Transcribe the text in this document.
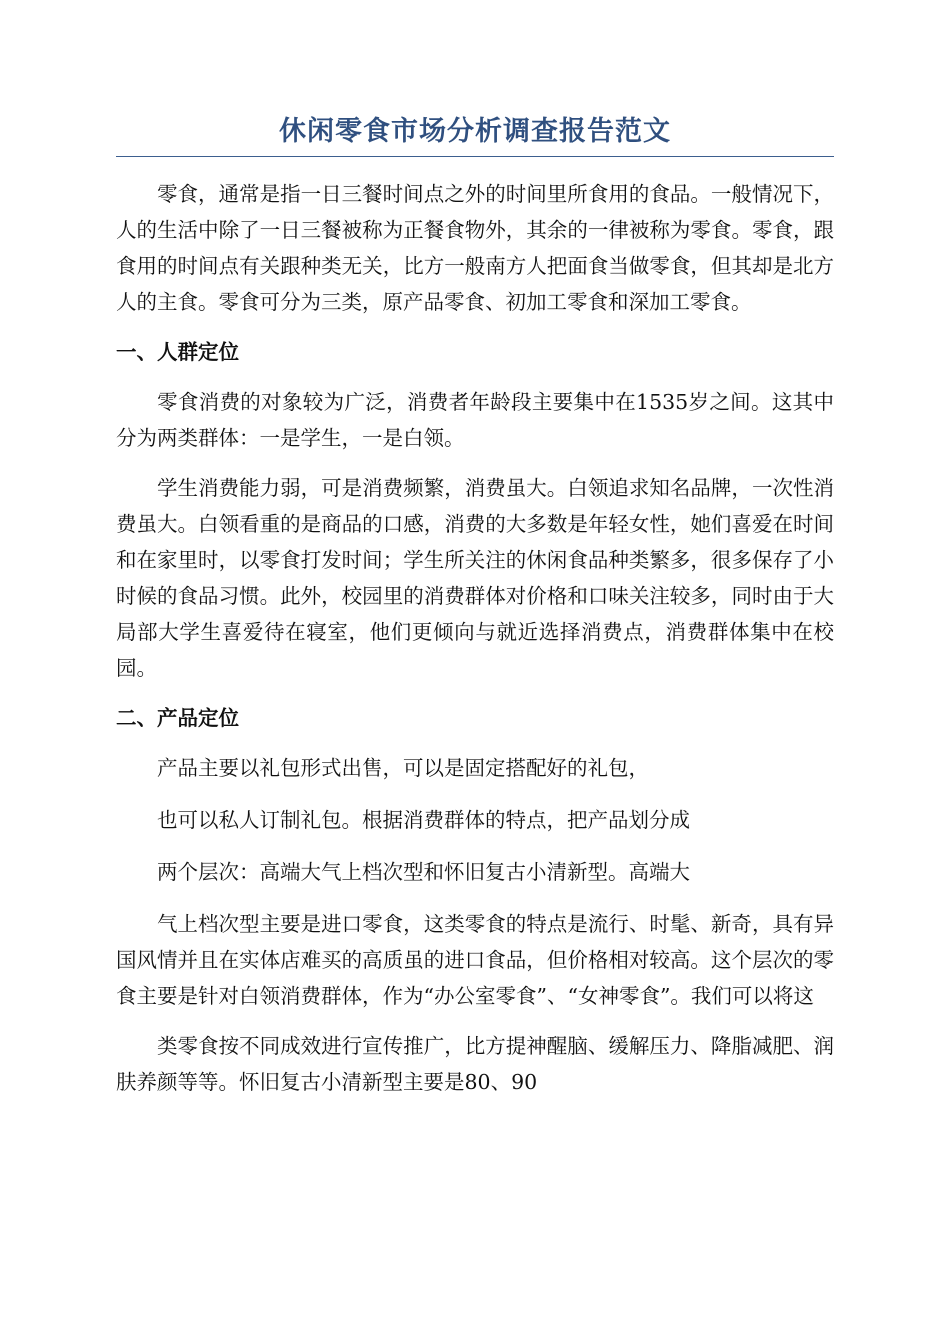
休闲零食市场分析调查报告范文

零食，通常是指一日三餐时间点之外的时间里所食用的食品。一般情况下，人的生活中除了一日三餐被称为正餐食物外，其余的一律被称为零食。零食，跟食用的时间点有关跟种类无关，比方一般南方人把面食当做零食，但其却是北方人的主食。零食可分为三类，原产品零食、初加工零食和深加工零食。

一、人群定位

零食消费的对象较为广泛，消费者年龄段主要集中在1535岁之间。这其中分为两类群体：一是学生，一是白领。

学生消费能力弱，可是消费频繁，消费虽大。白领追求知名品牌，一次性消费虽大。白领看重的是商品的口感，消费的大多数是年轻女性，她们喜爱在时间和在家里时，以零食打发时间；学生所关注的休闲食品种类繁多，很多保存了小时候的食品习惯。此外，校园里的消费群体对价格和口味关注较多，同时由于大局部大学生喜爱待在寝室，他们更倾向与就近选择消费点，消费群体集中在校园。

二、产品定位

产品主要以礼包形式出售，可以是固定搭配好的礼包，

也可以私人订制礼包。根据消费群体的特点，把产品划分成

两个层次：高端大气上档次型和怀旧复古小清新型。高端大

气上档次型主要是进口零食，这类零食的特点是流行、时髦、新奇，具有异国风情并且在实体店难买的高质虽的进口食品，但价格相对较高。这个层次的零食主要是针对白领消费群体，作为“办公室零食”、“女神零食”。我们可以将这

类零食按不同成效进行宣传推广，比方提神醒脑、缓解压力、降脂减肥、润肤养颜等等。怀旧复古小清新型主要是80、90
